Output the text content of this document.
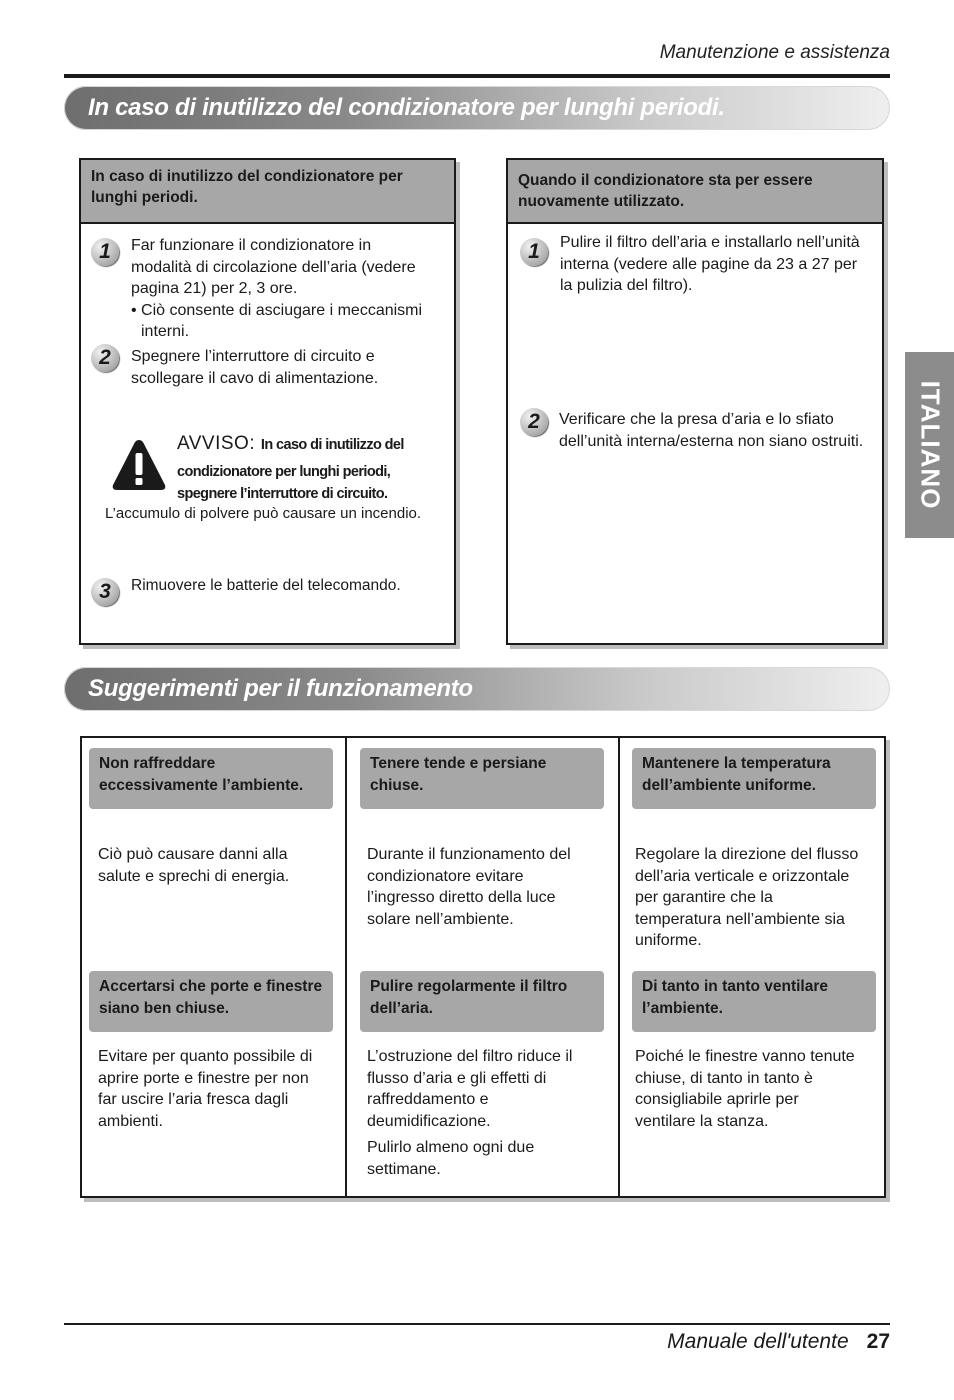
Manutenzione e assistenza
ITALIANO
In caso di inutilizzo del condizionatore per lunghi periodi.
In caso di inutilizzo del condizionatore per lunghi periodi.
1	Far funzionare il condizionatore in
modalità di circolazione dell’aria (vedere
pagina 21) per 2, 3 ore.
• Ciò consente di asciugare i meccanismi
interni.
2	Spegnere l’interruttore di circuito e
scollegare il cavo di alimentazione.
AVVISO: In caso di inutilizzo del
condizionatore per lunghi periodi,
spegnere l’interruttore di circuito.
L’accumulo di polvere può causare un incendio.
3	Rimuovere le batterie del telecomando.
Quando il condizionatore sta per essere nuovamente utilizzato.
1	Pulire il filtro dell’aria e installarlo nell’unità
interna (vedere alle pagine da 23 a 27 per
la pulizia del filtro).
2	Verificare che la presa d’aria e lo sfiato
dell’unità interna/esterna non siano ostruiti.
Suggerimenti per il funzionamento
Non raffreddare eccessivamente l’ambiente.
Ciò può causare danni alla
salute e sprechi di energia.
Tenere tende e persiane chiuse.
Durante il funzionamento del
condizionatore evitare
l’ingresso diretto della luce
solare nell’ambiente.
Mantenere la temperatura dell’ambiente uniforme.
Regolare la direzione del flusso
dell’aria verticale e orizzontale
per garantire che la
temperatura nell’ambiente sia
uniforme.
Accertarsi che porte e finestre siano ben chiuse.
Evitare per quanto possibile di
aprire porte e finestre per non
far uscire l’aria fresca dagli
ambienti.
Pulire regolarmente il filtro dell’aria.
L’ostruzione del filtro riduce il
flusso d’aria e gli effetti di
raffreddamento e
deumidificazione.
Pulirlo almeno ogni due
settimane.
Di tanto in tanto ventilare l’ambiente.
Poiché le finestre vanno tenute
chiuse, di tanto in tanto è
consigliabile aprirle per
ventilare la stanza.
Manuale dell'utente 27
